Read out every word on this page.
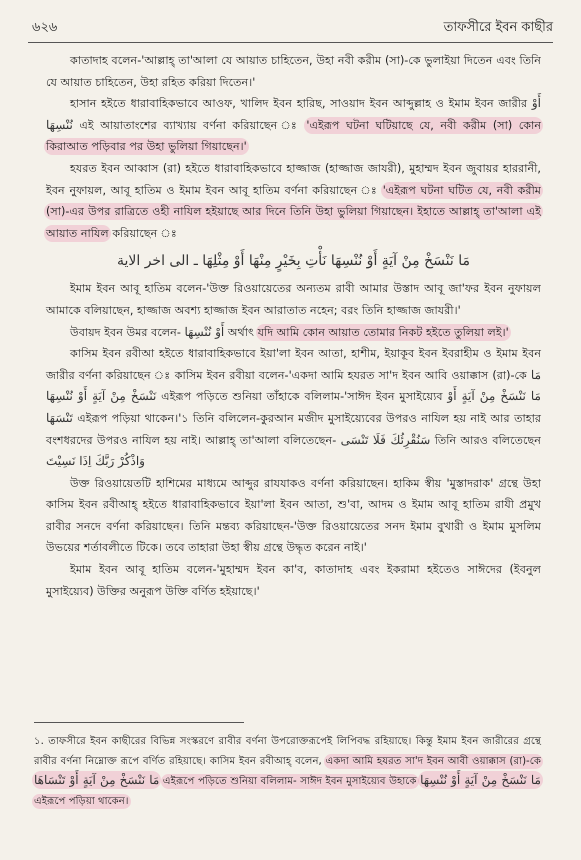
৬২৬	তাফসীরে ইবন কাছীর

কাতাদাহ বলেন-'আল্লাহ্ তা'আলা যে আয়াত চাহিতেন, উহা নবী করীম (সা)-কে ভুলাইয়া দিতেন এবং তিনি যে আয়াত চাহিতেন, উহা রহিত করিয়া দিতেন।'

হাসান হইতে ধারাবাহিকভাবে আওফ, খালিদ ইবন হারিছ, সাওয়াদ ইবন আব্দুল্লাহ ও ইমাম ইবন জারীর أَوْ نُنْسِهَا এই আয়াতাংশের ব্যাখ্যায় বর্ণনা করিয়াছেন ঃ 'এইরূপ ঘটনা ঘটিয়াছে যে, নবী করীম (সা) কোন কিরাআত পড়িবার পর উহা ভুলিয়া গিয়াছেন।'

হযরত ইবন আব্বাস (রা) হইতে ধারাবাহিকভাবে হাজ্জাজ (হাজ্জাজ জাযরী), মুহাম্মদ ইবন জুবায়র হাররানী, ইবন নুফায়ল, আবূ হাতিম ও ইমাম ইবন আবূ হাতিম বর্ণনা করিয়াছেন ঃ 'এইরূপ ঘটনা ঘটিত যে, নবী করীম (সা)-এর উপর রাত্রিতে ওহী নাযিল হইয়াছে আর দিনে তিনি উহা ভুলিয়া গিয়াছেন। ইহাতে আল্লাহ্ তা'আলা এই আয়াত নাযিল করিয়াছেন ঃ

مَا نَنْسَخْ مِنْ آيَةٍ أَوْ نُنْسِهَا نَأْتِ بِخَيْرٍ مِنْهَا أَوْ مِثْلِهَا ـ الى اخر الاية

ইমাম ইবন আবূ হাতিম বলেন-'উক্ত রিওয়ায়েতের অন্যতম রাবী আমার উস্তাদ আবূ জা'ফর ইবন নুফায়ল আমাকে বলিয়াছেন, হাজ্জাজ অবশ্য হাজ্জাজ ইবন আরাতাত নহেন; বরং তিনি হাজ্জাজ জাযরী।'

উবায়দ ইবন উমর বলেন- أَوْ نُنْسِهَا অর্থাৎ যদি আমি কোন আয়াত তোমার নিকট হইতে তুলিয়া লই।'

কাসিম ইবন রবীআ হইতে ধারাবাহিকভাবে ইয়া'লা ইবন আতা, হাশীম, ইয়াকূব ইবন ইবরাহীম ও ইমাম ইবন জারীর বর্ণনা করিয়াছেন ঃ কাসিম ইবন রবীয়া বলেন-'একদা আমি হযরত সা'দ ইবন আবি ওয়াক্কাস (রা)-কে مَا نَنْسَخْ مِنْ آيَةٍ أَوْ نُنْسِهَا এইরূপ পড়িতে শুনিয়া তাঁহাকে বলিলাম-'সাঈদ ইবন মুসাইয়্যেব مَا نَنْسَخْ مِنْ آيَةٍ أَوْ تَنْسَهَا এইরূপ পড়িয়া থাকেন।'১ তিনি বলিলেন-কুরআন মজীদ মুসাইয়্যেবের উপরও নাযিল হয় নাই আর তাহার বংশধরদের উপরও নাযিল হয় নাই। আল্লাহ্ তা'আলা বলিতেছেন- سَنُقْرِئُكَ فَلَا تَنْسَى তিনি আরও বলিতেছেন وَاذْكُرْ رَبَّكَ اِذَا نَسِيْتَ

উক্ত রিওয়ায়েতটি হাশিমের মাধ্যমে আব্দুর রাযযাকও বর্ণনা করিয়াছেন। হাকিম স্বীয় 'মুস্তাদরাক' গ্রন্থে উহা কাসিম ইবন রবীআহ্ হইতে ধারাবাহিকভাবে ইয়া'লা ইবন আতা, শু'বা, আদম ও ইমাম আবূ হাতিম রাযী প্রমুখ রাবীর সনদে বর্ণনা করিয়াছেন। তিনি মন্তব্য করিয়াছেন-'উক্ত রিওয়ায়েতের সনদ ইমাম বুখারী ও ইমাম মুসলিম উভয়ের শর্তাবলীতে টিকে। তবে তাহারা উহা স্বীয় গ্রন্থে উদ্ধৃত করেন নাই।'

ইমাম ইবন আবূ হাতিম বলেন-'মুহাম্মদ ইবন কা'ব, কাতাদাহ এবং ইকরামা হইতেও সাঈদের (ইবনুল মুসাইয়্যেব) উক্তির অনুরূপ উক্তি বর্ণিত হইয়াছে।'

১. তাফসীরে ইবন কাছীরের বিভিন্ন সংস্করণে রাবীর বর্ণনা উপরোক্তরূপেই লিপিবদ্ধ রহিয়াছে। কিন্তু ইমাম ইবন জারীরের গ্রন্থে রাবীর বর্ণনা নিম্নোক্ত রূপে বর্ণিত রহিয়াছে। কাসিম ইবন রবীআহ্ বলেন, একদা আমি হযরত সা'দ ইবন আবী ওয়াক্কাস (রা)-কে مَا نَنْسَخْ مِنْ آيَةٍ أَوْ تَنْسَاهَا এইরূপে পড়িতে শুনিয়া বলিলাম- সাঈদ ইবন মুসাইয়্যেব উহাকে مَا نَنْسَخْ مِنْ آيَةٍ أَوْ نُنْسِهَا এইরূপে পড়িয়া থাকেন।
